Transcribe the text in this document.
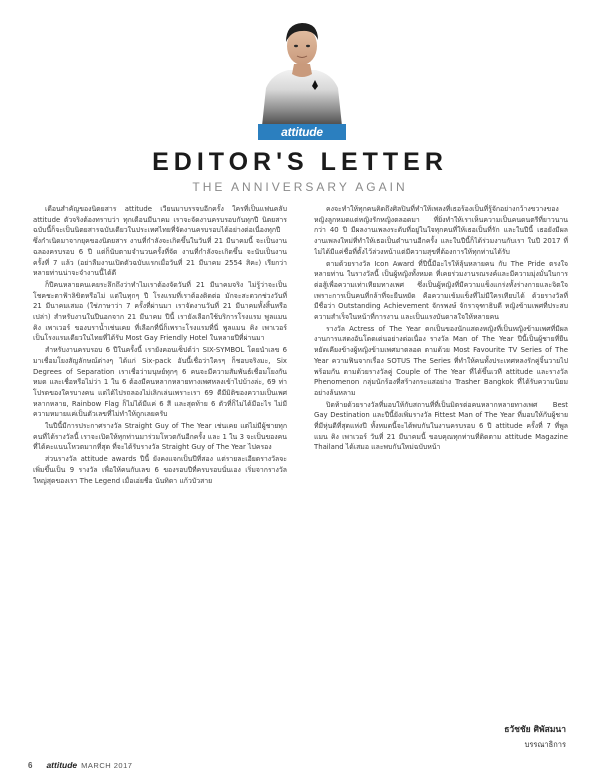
attitude
EDITOR'S LETTER
THE ANNIVERSARY AGAIN

เดือนสำคัญของนิตยสาร attitude เวียนมาบรรจบอีกครั้ง ใครที่เป็นแฟนคลับ attitude ตัวจริงต้องทราบว่า ทุกเดือนมีนาคม เราจะจัดงานครบรอบกันทุกปี นิตยสารฉบับนี้ก็จะเป็นนิตยสารฉบับเดียวในประเทศไทยที่จัดงานครบรอบได้อย่างต่อเนื่องทุกปี ซึ่งกำเนิดมาจากยุคของนิตยสาร งานที่กำลังจะเกิดขึ้นในวันที่ 21 มีนาคมนี้ จะเป็นงานฉลองครบรอบ 6 ปี แต่ก็นับตามจำนวนครั้งที่จัด งานที่กำลังจะเกิดขึ้น จะนับเป็นงานครั้งที่ 7 แล้ว (อย่าลืมงานเปิดตัวฉบับแรกเมื่อวันที่ 21 มีนาคม 2554 สิคะ) เรียกว่าหลายท่านน่าจะจำงานนี้ได้ดี

ก็ปีคนหลายคนเคยระลึกถึงว่าทำไมเราต้องจัดวันที่ 21 มีนาคมจริง ไม่รู้ว่าจะเป็นโชคชะตาฟ้าลิขิตหรือไม่ แต่ในทุกๆ ปี โรงแรมที่เราต้องติดต่อ มักจะสะดวกช่วงวันที่ 21 มีนาคมเสมอ (ใช่ภาษาว่า 7 ครั้งที่ผ่านมา เราจัดงานวันที่ 21 มีนาคมทั้งสิ้นหรือเปล่า) สำหรับงานในปีนอกจาก 21 มีนาคม ปีนี้ เรายังเลือกใช้บริการโรงแรม พูลแมน คิง เพาเวอร์ ของบราน้ำเช่นเคย ที่เลือกที่นี่ก็เพราะโรงแรมที่นี่ พูลแมน คิง เพาเวอร์ เป็นโรงแรมเดียวในไทยที่ได้รับ Most Gay Friendly Hotel ในหลายปีที่ผ่านมา

สำหรับงานครบรอบ 6 ปีในครั้งนี้ เรายังคอนเซ็ปต์ว่า SIX-SYMBOL โดยนำเลข 6 มาเชื่อมโยงสัญลักษณ์ต่างๆ ได้แก่ Six-pack อันนี้เชื่อว่าใครๆ ก็ชอบจริงมะ, Six Degrees of Separation เราเชื่อว่ามนุษย์ทุกๆ 6 คนจะมีความสัมพันธ์เชื่อมโยงกันหมด และเชื่อหรือไม่ว่า 1 ใน 6 ต้องมีคนหลากหลายทางเพศหลงเข้าไปบ้างล่ะ, 69 ท่าโปรดของใครบางคน แต่ได้ไปรถลองไม่เลิกเล่นเพราะเรา 69 ดีมีมิติของความเป็นเพศหลากหลาย, Rainbow Flag ก็ไม่ได้มีแค่ 6 สี และสุดท้าย 6 ตัวที่ก็ไม่ได้มีอะไร ไม่มีความหมายแค่เป็นตัวเลขที่ไม่ทำให้ถูกเลยครับ

ในปีนี้มีการประกาศรางวัล Straight Guy of The Year เช่นเคย แต่ไม่มีผู้ชายทุกคนที่ได้รางวัลนี้ เราจะเปิดให้ทุกท่านมาร่วมโหวตกันอีกครั้ง และ 1 ใน 3 จะเป็นของคนที่ได้คะแนนโหวตมากที่สุด ที่จะได้รับรางวัล Straight Guy of The Year ไปครอง

ส่วนรางวัล attitude awards ปีนี้ ยังคงแจกเป็นปีที่สอง แต่รายละเอียดรางวัลจะเพิ่มขึ้นเป็น 9 รางวัล เพื่อให้คนกับเลข 6 ของรอบปีที่ครบรอบนั่นเอง เริ่มจากรางวัลใหญ่สุดของเรา The Legend เมื่อเอ่ยชื่อ นันทิดา แก้วบัวสาย

คงจะทำให้ทุกคนคิดถึงศิลปินที่ทำให้เพลงที่เธอร้องเป็นที่รู้จักอย่างกว้างขวางของหญิงลูกหมดแต่หญิงรักหญิงตลอดมา ที่ยิ่งทำให้เราเห็นความเป็นคนดนตรีที่ยาวนานกว่า 40 ปี มีผลงานเพลงระดับที่อยู่ในใจทุกคนที่ให้เธอเป็นที่รัก และในปีนี้ เธอยังมีผลงานเพลงใหม่ที่ทำให้เธอเป็นตำนานอีกครั้ง และในปีนี้ก็ได้ร่วมงานกับเรา ในปี 2017 ที่ไม่ได้มีแค่ชื่อที่ตั้งไว้ล่วงหน้าแต่มีความสุขที่ต้องการให้ทุกท่านได้รับ

ตามด้วยรางวัล Icon Award ที่ปีนี้มีอะไรให้ลุ้นหลายคน กับ The Pride ตรงใจหลายท่าน ในรางวัลนี้ เป็นผู้หญิงทั้งหมด ที่เคยร่วมงานรณรงค์และมีความมุ่งมั่นในการต่อสู้เพื่อความเท่าเทียมทางเพศ ซึ่งเป็นผู้หญิงที่มีความแข็งแกร่งทั้งร่างกายและจิตใจ เพราะการเป็นคนที่กล้าที่จะยืนหยัด คือความเข้มแข็งที่ไม่มีใครเทียบได้ ด้วยรางวัลที่มีชื่อว่า Outstanding Achievement จักรพงษ์ จักราจุฑาธิบดี หญิงข้ามเพศที่ประสบความสำเร็จในหน้าที่การงาน และเป็นแรงบันดาลใจให้หลายคน

รางวัล Actress of The Year ตกเป็นของนักแสดงหญิงที่เป็นหญิงข้ามเพศที่มีผลงานการแสดงอันโดดเด่นอย่างต่อเนื่อง รางวัล Man of The Year ปีนี้เป็นผู้ชายที่ยืนหยัดเคียงข้างผู้หญิงข้ามเพศมาตลอด ตามด้วย Most Favourite TV Series of The Year ความฟินจากเรื่อง SOTUS The Series ที่ทำให้คนทั้งประเทศหลงรักคู่จิ้นวายไปพร้อมกัน ตามด้วยรางวัลคู่ Couple of The Year ที่ได้ขึ้นเวที attitude และรางวัล Phenomenon กลุ่มนักร้องที่สร้างกระแสอย่าง Trasher Bangkok ที่ได้รับความนิยมอย่างล้นหลาม

ปิดท้ายด้วยรางวัลที่มอบให้กับสถานที่ที่เป็นมิตรต่อคนหลากหลายทางเพศ Best Gay Destination และปีนี้ยังเพิ่มรางวัล Fittest Man of The Year ที่มอบให้กับผู้ชายที่มีหุ่นดีที่สุดแห่งปี ทั้งหมดนี้จะได้พบกันในงานครบรอบ 6 ปี attitude ครั้งที่ 7 ที่พูลแมน คิง เพาเวอร์ วันที่ 21 มีนาคมนี้ ขอบคุณทุกท่านที่ติดตาม attitude Magazine Thailand ได้เสมอ และพบกันใหม่ฉบับหน้า

ธวัชชัย ศิพัสมนา
บรรณาธิการ
6 attitude MARCH 2017
